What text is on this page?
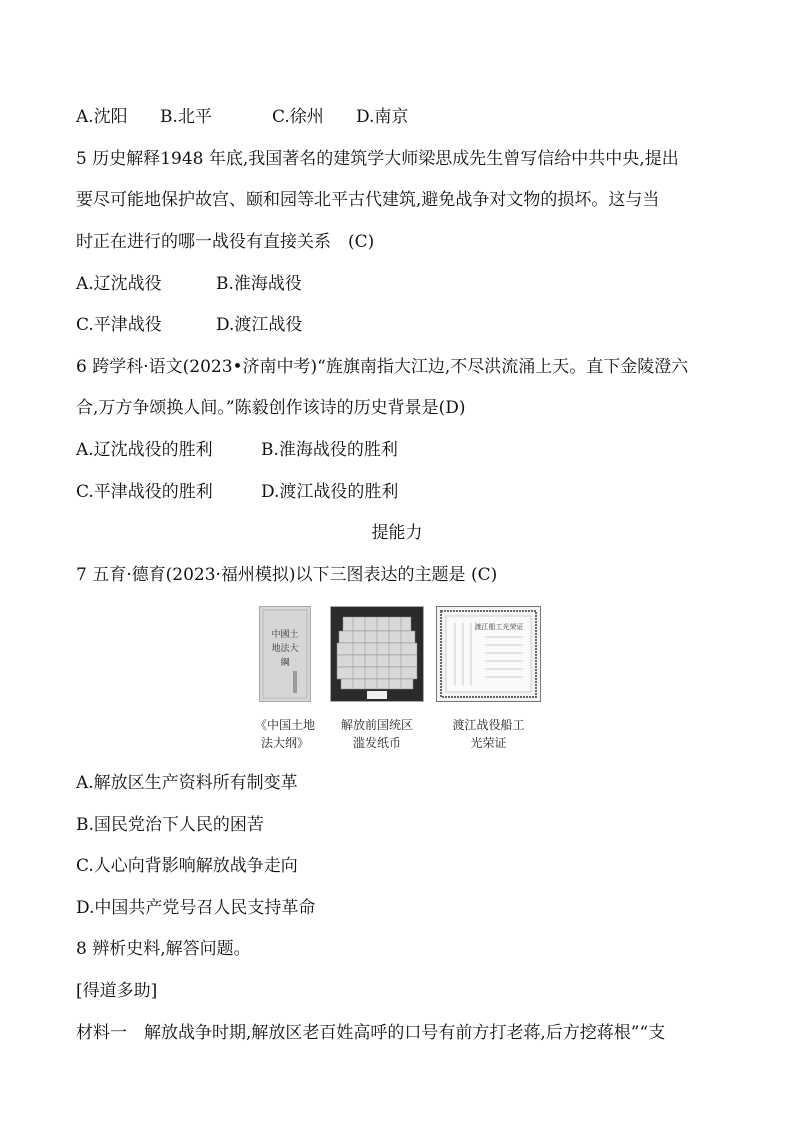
A.沈阳 B.北平	C.徐州 D.南京
5 历史解释1948 年底,我国著名的建筑学大师梁思成先生曾写信给中共中央,提出
要尽可能地保护故宫、颐和园等北平古代建筑,避免战争对文物的损坏。这与当
时正在进行的哪一战役有直接关系　(C)
A.辽沈战役	B.淮海战役
C.平津战役	D.渡江战役
6 跨学科·语文(2023•济南中考)“旌旗南指大江边,不尽洪流涌上天。直下金陵澄六
合,万方争颂换人间。”陈毅创作该诗的历史背景是(D)
A.辽沈战役的胜利	B.淮海战役的胜利
C.平津战役的胜利	D.渡江战役的胜利
提能力
7 五育·德育(2023·福州模拟)以下三图表达的主题是 (C)
中國土
地法大
綱
渡江船工光荣证
《中国土地
法大纲》
解放前国统区
滥发纸币
渡江战役船工
光荣证
A.解放区生产资料所有制变革
B.国民党治下人民的困苦
C.人心向背影响解放战争走向
D.中国共产党号召人民支持革命
8 辨析史料,解答问题。
[得道多助]
材料一　解放战争时期,解放区老百姓高呼的口号有前方打老蒋,后方挖蒋根”“支
